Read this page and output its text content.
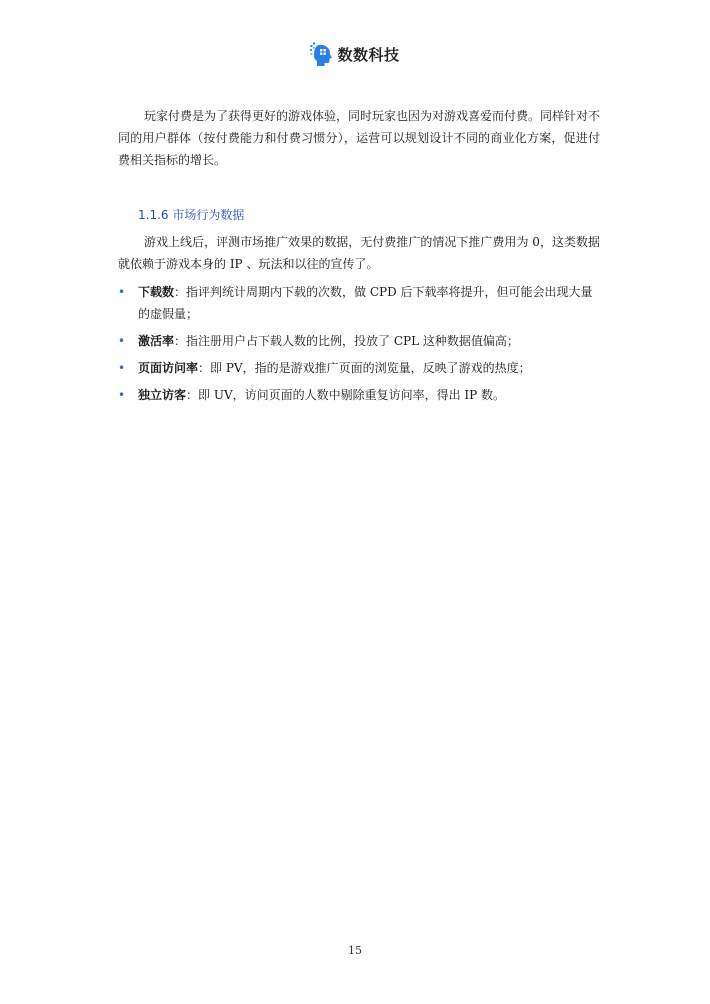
数数科技

玩家付费是为了获得更好的游戏体验，同时玩家也因为对游戏喜爱而付费。同样针对不同的用户群体（按付费能力和付费习惯分），运营可以规划设计不同的商业化方案，促进付费相关指标的增长。

1.1.6 市场行为数据

游戏上线后，评测市场推广效果的数据，无付费推广的情况下推广费用为 0，这类数据就依赖于游戏本身的 IP 、玩法和以往的宣传了。

• 下载数：指评判统计周期内下载的次数，做 CPD 后下载率将提升，但可能会出现大量的虚假量；
• 激活率：指注册用户占下载人数的比例，投放了 CPL 这种数据值偏高；
• 页面访问率：即 PV，指的是游戏推广页面的浏览量，反映了游戏的热度；
• 独立访客：即 UV，访问页面的人数中剔除重复访问率，得出 IP 数。
15
